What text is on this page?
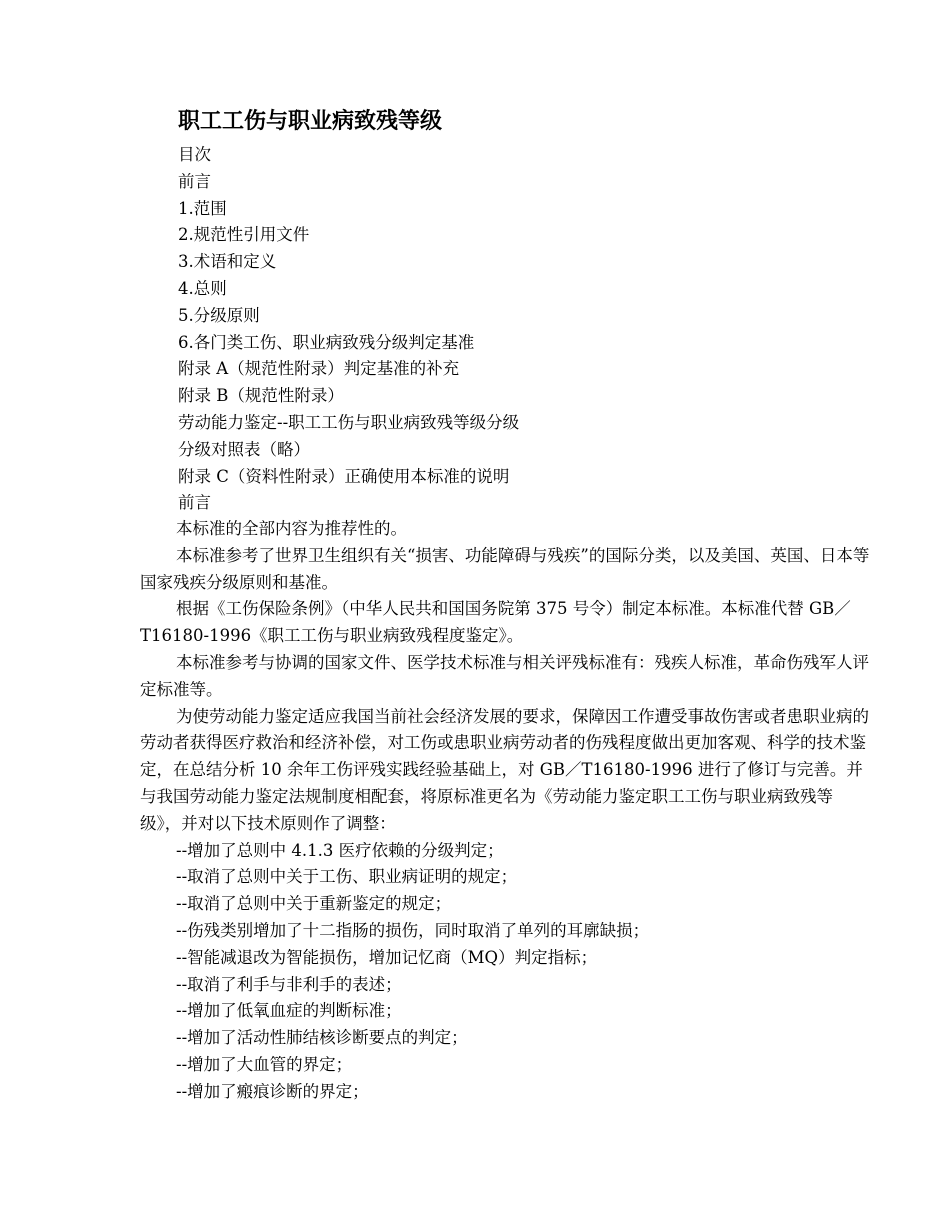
职工工伤与职业病致残等级
目次
前言
1.范围
2.规范性引用文件
3.术语和定义
4.总则
5.分级原则
6.各门类工伤、职业病致残分级判定基准
附录 A（规范性附录）判定基准的补充
附录 B（规范性附录）
劳动能力鉴定--职工工伤与职业病致残等级分级
分级对照表（略）
附录 C（资料性附录）正确使用本标准的说明
前言

本标准的全部内容为推荐性的。

本标准参考了世界卫生组织有关“损害、功能障碍与残疾”的国际分类，以及美国、英国、日本等国家残疾分级原则和基准。

根据《工伤保险条例》（中华人民共和国国务院第 375 号令）制定本标准。本标准代替 GB／T16180-1996《职工工伤与职业病致残程度鉴定》。

本标准参考与协调的国家文件、医学技术标准与相关评残标准有：残疾人标准，革命伤残军人评定标准等。

为使劳动能力鉴定适应我国当前社会经济发展的要求，保障因工作遭受事故伤害或者患职业病的劳动者获得医疗救治和经济补偿，对工伤或患职业病劳动者的伤残程度做出更加客观、科学的技术鉴定，在总结分析 10 余年工伤评残实践经验基础上，对 GB／T16180-1996 进行了修订与完善。并与我国劳动能力鉴定法规制度相配套，将原标准更名为《劳动能力鉴定职工工伤与职业病致残等级》，并对以下技术原则作了调整：

--增加了总则中 4.1.3 医疗依赖的分级判定；
--取消了总则中关于工伤、职业病证明的规定；
--取消了总则中关于重新鉴定的规定；
--伤残类别增加了十二指肠的损伤，同时取消了单列的耳廓缺损；
--智能减退改为智能损伤，增加记忆商（MQ）判定指标；
--取消了利手与非利手的表述；
--增加了低氧血症的判断标准；
--增加了活动性肺结核诊断要点的判定；
--增加了大血管的界定；
--增加了瘢痕诊断的界定；
